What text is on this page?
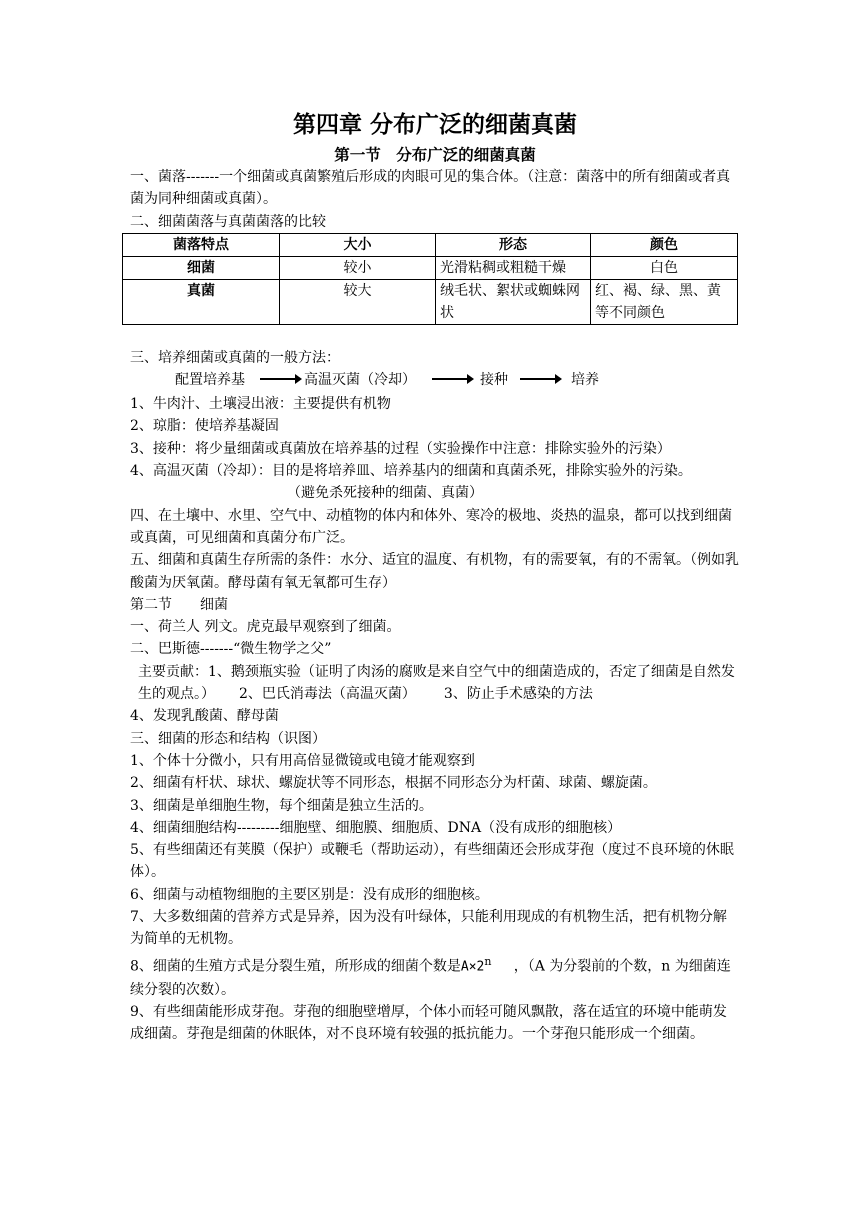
第四章 分布广泛的细菌真菌
第一节　分布广泛的细菌真菌

一、菌落-------一个细菌或真菌繁殖后形成的肉眼可见的集合体。（注意：菌落中的所有细菌或者真菌为同种细菌或真菌）。

二、细菌菌落与真菌菌落的比较

菌落特点	大小	形态	颜色
细菌	较小	光滑粘稠或粗糙干燥	白色
真菌	较大	绒毛状、絮状或蜘蛛网状	红、褐、绿、黑、黄等不同颜色

三、培养细菌或真菌的一般方法：

配置培养基	高温灭菌（冷却）	接种	培养

1、牛肉汁、土壤浸出液：主要提供有机物

2、琼脂：使培养基凝固

3、接种：将少量细菌或真菌放在培养基的过程（实验操作中注意：排除实验外的污染）

4、高温灭菌（冷却）：目的是将培养皿、培养基内的细菌和真菌杀死，排除实验外的污染。

（避免杀死接种的细菌、真菌）

四、在土壤中、水里、空气中、动植物的体内和体外、寒冷的极地、炎热的温泉，都可以找到细菌或真菌，可见细菌和真菌分布广泛。

五、细菌和真菌生存所需的条件：水分、适宜的温度、有机物，有的需要氧，有的不需氧。（例如乳酸菌为厌氧菌。酵母菌有氧无氧都可生存）

第二节　　细菌

一、荷兰人 列文。虎克最早观察到了细菌。

二、巴斯德-------“微生物学之父”

主要贡献：1、鹅颈瓶实验（证明了肉汤的腐败是来自空气中的细菌造成的，否定了细菌是自然发生的观点。） 2、巴氏消毒法（高温灭菌） 3、防止手术感染的方法

4、发现乳酸菌、酵母菌

三、细菌的形态和结构（识图）

1、个体十分微小，只有用高倍显微镜或电镜才能观察到

2、细菌有杆状、球状、螺旋状等不同形态，根据不同形态分为杆菌、球菌、螺旋菌。

3、细菌是单细胞生物，每个细菌是独立生活的。

4、细菌细胞结构---------细胞壁、细胞膜、细胞质、DNA（没有成形的细胞核）

5、有些细菌还有荚膜（保护）或鞭毛（帮助运动），有些细菌还会形成芽孢（度过不良环境的休眠体）。

6、细菌与动植物细胞的主要区别是：没有成形的细胞核。

7、大多数细菌的营养方式是异养，因为没有叶绿体，只能利用现成的有机物生活，把有机物分解为简单的无机物。

8、细菌的生殖方式是分裂生殖，所形成的细菌个数是$A\times 2^n$ ，（A 为分裂前的个数，n 为细菌连续分裂的次数）。

9、有些细菌能形成芽孢。芽孢的细胞壁增厚，个体小而轻可随风飘散，落在适宜的环境中能萌发成细菌。芽孢是细菌的休眠体，对不良环境有较强的抵抗能力。一个芽孢只能形成一个细菌。
